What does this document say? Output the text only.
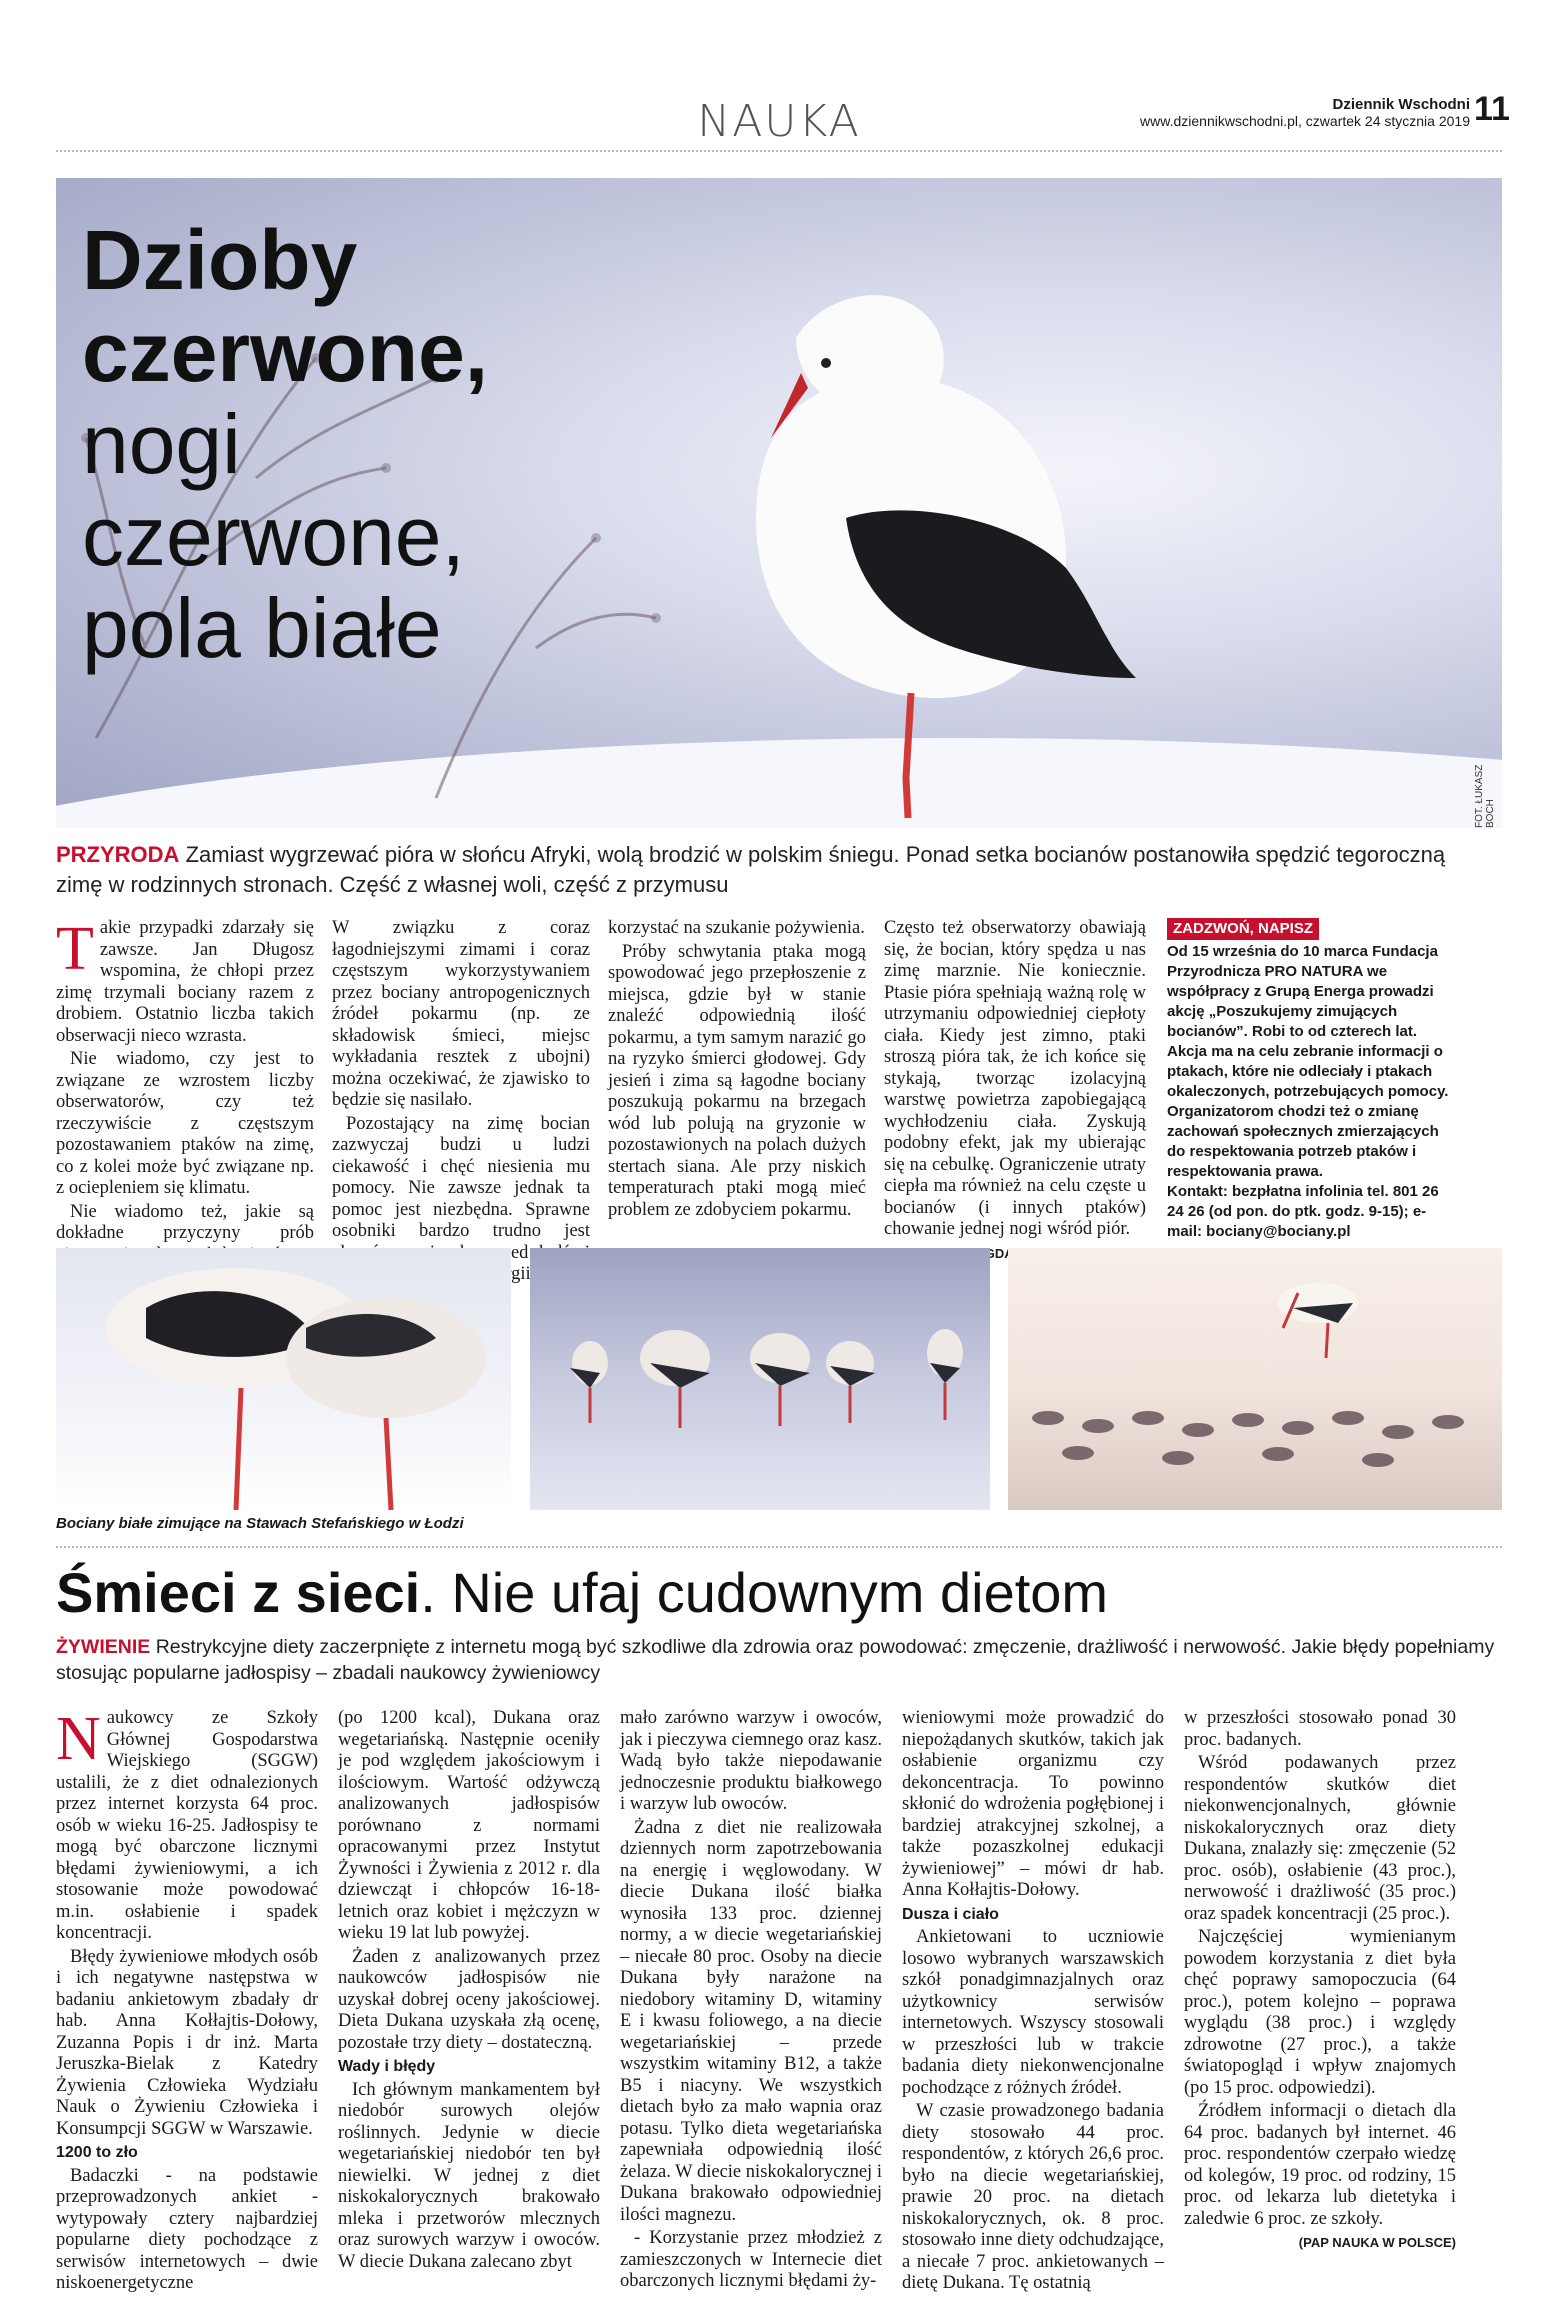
NAUKA	Dziennik Wschodni
www.dziennikwschodni.pl, czwartek 24 stycznia 2019 11
Dzioby
czerwone,
nogi
czerwone,
pola białe
FOT. ŁUKASZ BOCH
PRZYRODA Zamiast wygrzewać pióra w słońcu Afryki, wolą brodzić w polskim śniegu. Ponad setka bocianów postanowiła spędzić tegoroczną zimę w rodzinnych stronach. Część z własnej woli, część z przymusu

Takie przypadki zdarzały się zawsze. Jan Długosz wspomina, że chłopi przez zimę trzymali bociany razem z drobiem. Ostatnio liczba takich obserwacji nieco wzrasta.

Nie wiadomo, czy jest to związane ze wzrostem liczby obserwatorów, czy też rzeczywiście z częstszym pozostawaniem ptaków na zimę, co z kolei może być związane np. z ociepleniem się klimatu.

Nie wiadomo też, jakie są dokładne przyczyny prób

W związku z coraz łagodniejszymi zimami i coraz częstszym wykorzystywaniem przez bociany antropogenicznych źródeł pokarmu (np. ze składowisk śmieci, miejsc wykładania resztek z ubojni) można oczekiwać, że zjawisko to będzie się nasilało.

Pozostający na zimę bocian zazwyczaj budzi u ludzi ciekawość i chęć niesienia mu pomocy. Nie zawsze jednak ta pomoc jest niezbędna. Sprawne osobniki bardzo trudno jest

korzystać na szukanie pożywienia.

Próby schwytania ptaka mogą spowodować jego przepłoszenie z miejsca, gdzie był w stanie znaleźć odpowiednią ilość pokarmu, a tym samym narazić go na ryzyko śmierci głodowej. Gdy jesień i zima są łagodne bociany poszukują pokarmu na brzegach wód lub polują na gryzonie w pozostawionych na polach dużych stertach siana. Ale przy niskich temperaturach ptaki mogą mieć problem ze zdobyciem pokarmu.

Często też obserwatorzy obawiają się, że bocian, który spędza u nas zimę marznie. Nie koniecznie. Ptasie pióra spełniają ważną rolę w utrzymaniu odpowiedniej ciepłoty ciała. Kiedy jest zimno, ptaki stroszą pióra tak, że ich końce się stykają, tworząc izolacyjną warstwę powietrza zapobiegającą wychłodzeniu ciała. Zyskują podobny efekt, jak my ubierając się na cebulkę. Ograniczenie utraty ciepła ma również na celu częste u bocianów (i innych ptaków) chowanie jednej nogi wśród piór.

MAGDALENA
ZADZWOŃ, NAPISZ
Od 15 września do 10 marca Fundacja Przyrodnicza PRO NATURA we współpracy z Grupą Energa prowadzi akcję „Poszukujemy zimujących bocianów”. Robi to od czterech lat. Akcja ma na celu zebranie informacji o ptakach, które nie odleciały i ptakach okaleczonych, potrzebujących pomocy. Organizatorom chodzi też o zmianę zachowań społecznych zmierzających do respektowania potrzeb ptaków i respektowania prawa.
Kontakt: bezpłatna infolinia tel. 801 26 24 26 (od pon. do ptk. godz. 9-15); e-mail: bociany@bociany.pl
Bociany białe zimujące na Stawach Stefańskiego w Łodzi
Śmieci z sieci. Nie ufaj cudownym dietom
ŻYWIENIE Restrykcyjne diety zaczerpnięte z internetu mogą być szkodliwe dla zdrowia oraz powodować: zmęczenie, drażliwość i nerwowość. Jakie błędy popełniamy stosując popularne jadłospisy – zbadali naukowcy żywieniowcy

Naukowcy ze Szkoły Głównej Gospodarstwa Wiejskiego (SGGW) ustalili, że z diet odnalezionych przez internet korzysta 64 proc. osób w wieku 16-25. Jadłospisy te mogą być obarczone licznymi błędami żywieniowymi, a ich stosowanie może powodować m.in. osłabienie i spadek koncentracji.

Błędy żywieniowe młodych osób i ich negatywne następstwa w badaniu ankietowym zbadały dr hab. Anna Kołłajtis-Dołowy, Zuzanna Popis i dr inż. Marta Jeruszka-Bielak z Katedry Żywienia Człowieka Wydziału Nauk o Żywieniu Człowieka i Konsumpcji SGGW w Warszawie.

1200 to zło

Badaczki - na podstawie przeprowadzonych ankiet - wytypowały cztery najbardziej popularne diety pochodzące z serwisów internetowych – dwie niskoenergetyczne

(po 1200 kcal), Dukana oraz wegetariańską. Następnie oceniły je pod względem jakościowym i ilościowym. Wartość odżywczą analizowanych jadłospisów porównano z normami opracowanymi przez Instytut Żywności i Żywienia z 2012 r. dla dziewcząt i chłopców 16-18-letnich oraz kobiet i mężczyzn w wieku 19 lat lub powyżej.

Żaden z analizowanych przez naukowców jadłospisów nie uzyskał dobrej oceny jakościowej. Dieta Dukana uzyskała złą ocenę, pozostałe trzy diety – dostateczną.

Wady i błędy

Ich głównym mankamentem był niedobór surowych olejów roślinnych. Jedynie w diecie wegetariańskiej niedobór ten był niewielki. W jednej z diet niskokalorycznych brakowało mleka i przetworów mlecznych oraz surowych warzyw i owoców. W diecie Dukana zalecano zbyt

mało zarówno warzyw i owoców, jak i pieczywa ciemnego oraz kasz. Wadą było także niepodawanie jednoczesnie produktu białkowego i warzyw lub owoców.

Żadna z diet nie realizowała dziennych norm zapotrzebowania na energię i węglowodany. W diecie Dukana ilość białka wynosiła 133 proc. dziennej normy, a w diecie wegetariańskiej – niecałe 80 proc. Osoby na diecie Dukana były narażone na niedobory witaminy D, witaminy E i kwasu foliowego, a na diecie wegetariańskiej – przede wszystkim witaminy B12, a także B5 i niacyny. We wszystkich dietach było za mało wapnia oraz potasu. Tylko dieta wegetariańska zapewniała odpowiednią ilość żelaza. W diecie niskokalorycznej i Dukana brakowało odpowiedniej ilości magnezu.

- Korzystanie przez młodzież z zamieszczonych w Internecie diet obarczonych licznymi błędami ży-

wieniowymi może prowadzić do niepożądanych skutków, takich jak osłabienie organizmu czy dekoncentracja. To powinno skłonić do wdrożenia pogłębionej i bardziej atrakcyjnej szkolnej, a także pozaszkolnej edukacji żywieniowej” – mówi dr hab. Anna Kołłajtis-Dołowy.

Dusza i ciało

Ankietowani to uczniowie losowo wybranych warszawskich szkół ponadgimnazjalnych oraz użytkownicy serwisów internetowych. Wszyscy stosowali w przeszłości lub w trakcie badania diety niekonwencjonalne pochodzące z różnych źródeł.

W czasie prowadzonego badania diety stosowało 44 proc. respondentów, z których 26,6 proc. było na diecie wegetariańskiej, prawie 20 proc. na dietach niskokalorycznych, ok. 8 proc. stosowało inne diety odchudzające, a niecałe 7 proc. ankietowanych – dietę Dukana. Tę ostatnią

w przeszłości stosowało ponad 30 proc. badanych.

Wśród podawanych przez respondentów skutków diet niekonwencjonalnych, głównie niskokalorycznych oraz diety Dukana, znalazły się: zmęczenie (52 proc. osób), osłabienie (43 proc.), nerwowość i drażliwość (35 proc.) oraz spadek koncentracji (25 proc.).

Najczęściej wymienianym powodem korzystania z diet była chęć poprawy samopoczucia (64 proc.), potem kolejno – poprawa wyglądu (38 proc.) i względy zdrowotne (27 proc.), a także światopogląd i wpływ znajomych (po 15 proc. odpowiedzi).

Źródłem informacji o dietach dla 64 proc. badanych był internet. 46 proc. respondentów czerpało wiedzę od kolegów, 19 proc. od rodziny, 15 proc. od lekarza lub dietetyka i zaledwie 6 proc. ze szkoły.

(PAP NAUKA W POLSCE)
